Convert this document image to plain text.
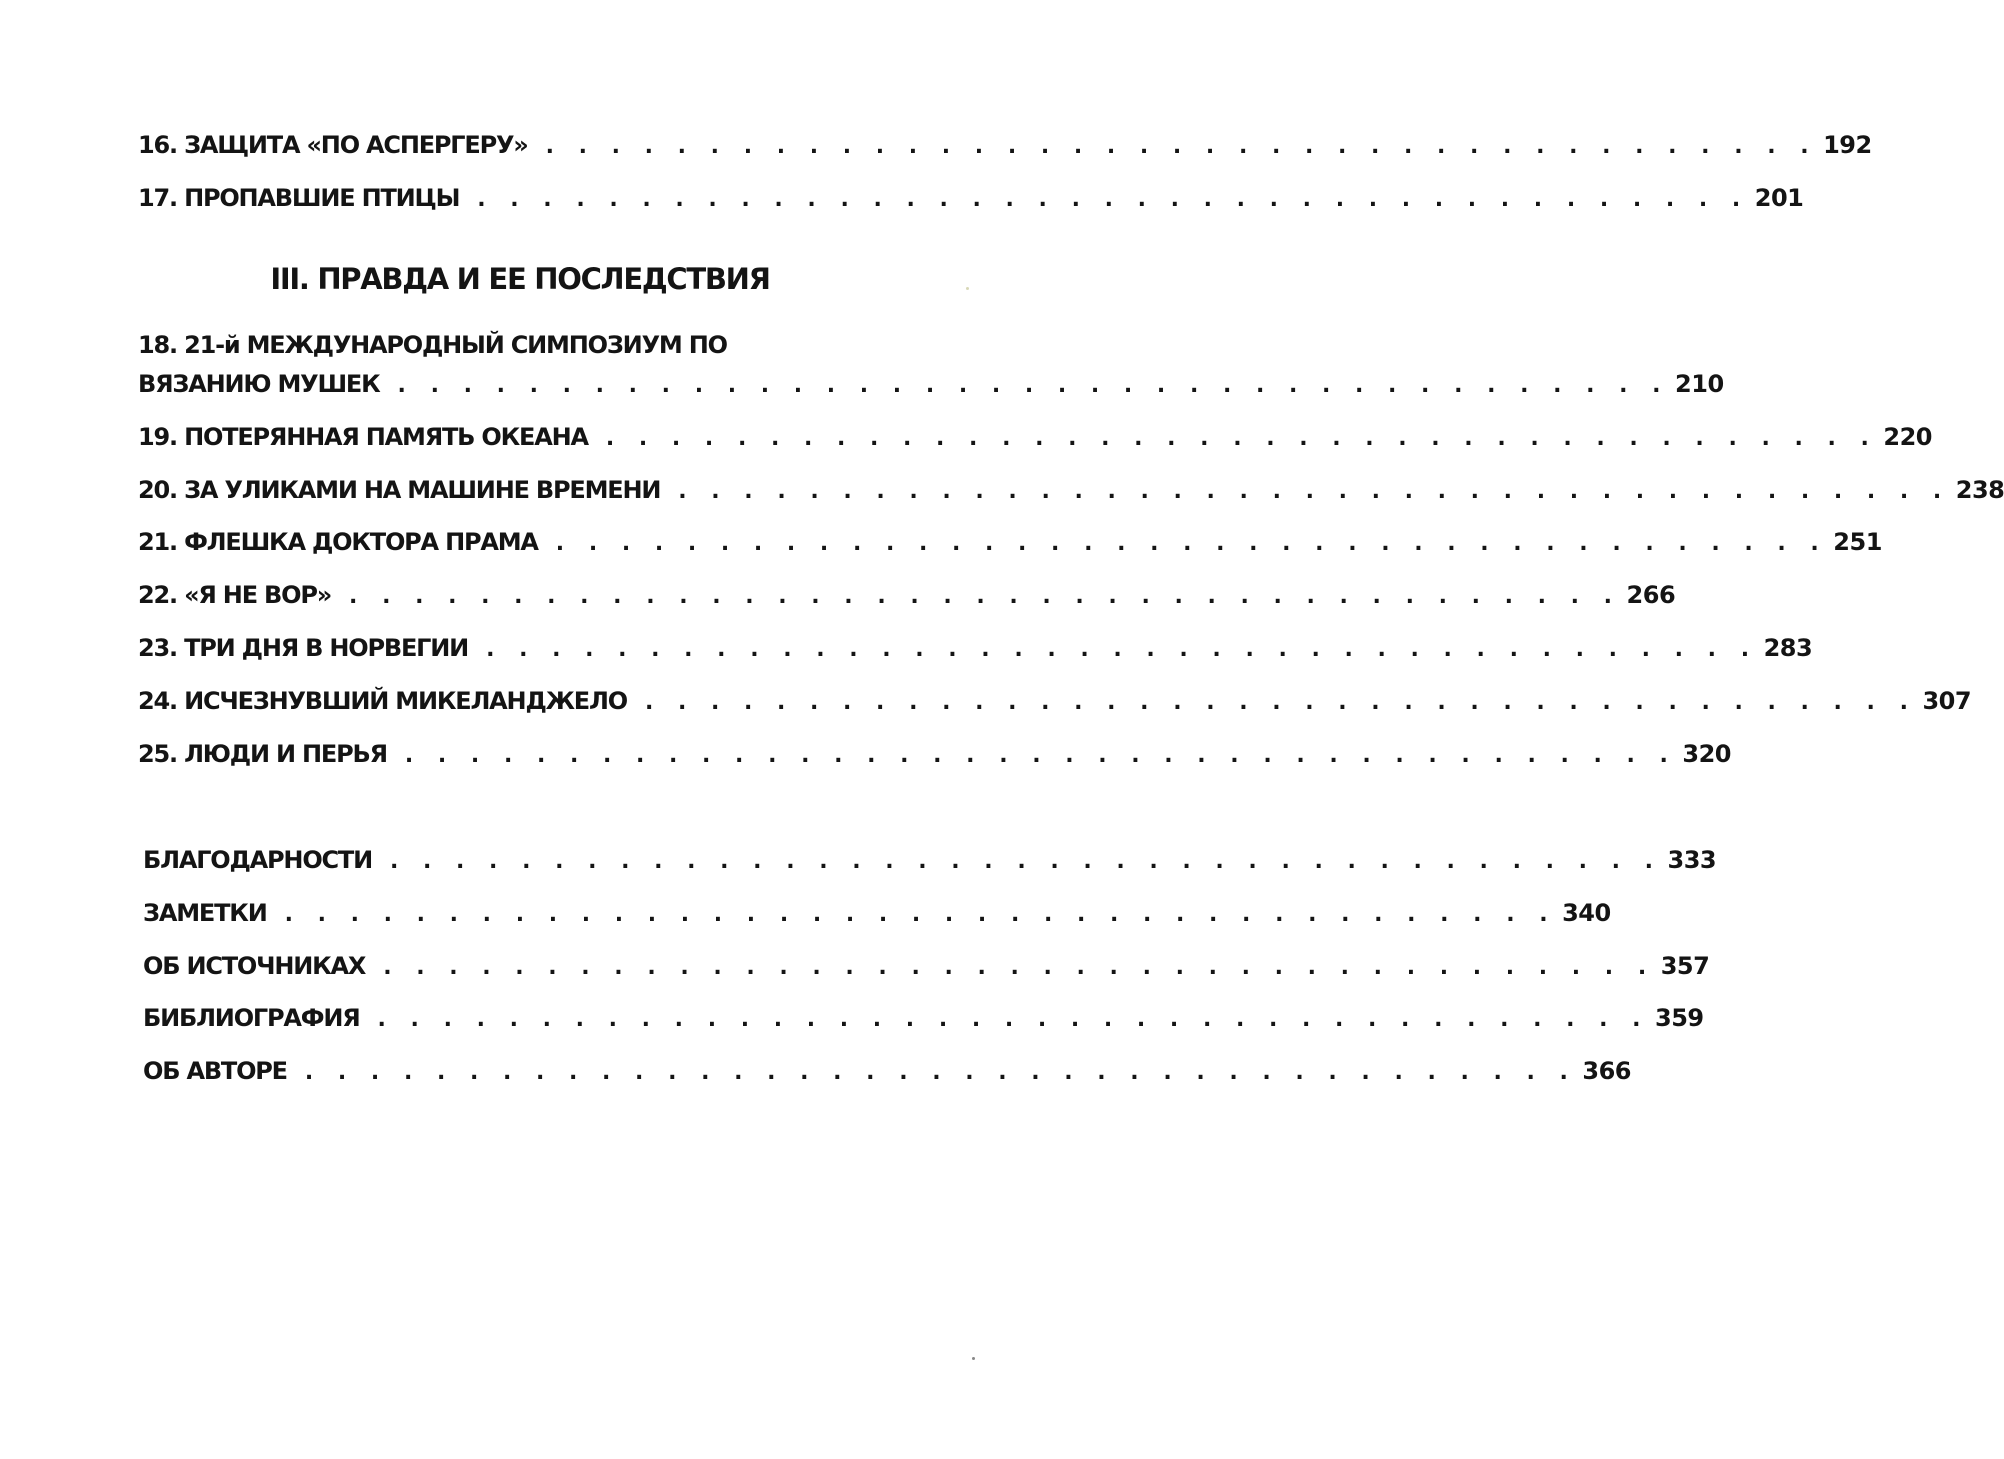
16. ЗАЩИТА «ПО АСПЕРГЕРУ» . . . . . . . . . . . . . . . . . . . . . . . . . . . . . . . . . . . . . . . 192
17. ПРОПАВШИЕ ПТИЦЫ . . . . . . . . . . . . . . . . . . . . . . . . . . . . . . . . . . . . . . . 201
III. ПРАВДА И ЕЕ ПОСЛЕДСТВИЯ
18. 21-й МЕЖДУНАРОДНЫЙ СИМПОЗИУМ ПО
ВЯЗАНИЮ МУШЕК . . . . . . . . . . . . . . . . . . . . . . . . . . . . . . . . . . . . . . . 210
19. ПОТЕРЯННАЯ ПАМЯТЬ ОКЕАНА . . . . . . . . . . . . . . . . . . . . . . . . . . . . . . . . . . . . . . . 220
20. ЗА УЛИКАМИ НА МАШИНЕ ВРЕМЕНИ . . . . . . . . . . . . . . . . . . . . . . . . . . . . . . . . . . . . . . . 238
21. ФЛЕШКА ДОКТОРА ПРАМА . . . . . . . . . . . . . . . . . . . . . . . . . . . . . . . . . . . . . . . 251
22. «Я НЕ ВОР» . . . . . . . . . . . . . . . . . . . . . . . . . . . . . . . . . . . . . . . 266
23. ТРИ ДНЯ В НОРВЕГИИ . . . . . . . . . . . . . . . . . . . . . . . . . . . . . . . . . . . . . . . 283
24. ИСЧЕЗНУВШИЙ МИКЕЛАНДЖЕЛО . . . . . . . . . . . . . . . . . . . . . . . . . . . . . . . . . . . . . . . 307
25. ЛЮДИ И ПЕРЬЯ . . . . . . . . . . . . . . . . . . . . . . . . . . . . . . . . . . . . . . . 320
БЛАГОДАРНОСТИ . . . . . . . . . . . . . . . . . . . . . . . . . . . . . . . . . . . . . . . 333
ЗАМЕТКИ . . . . . . . . . . . . . . . . . . . . . . . . . . . . . . . . . . . . . . . 340
ОБ ИСТОЧНИКАХ . . . . . . . . . . . . . . . . . . . . . . . . . . . . . . . . . . . . . . . 357
БИБЛИОГРАФИЯ . . . . . . . . . . . . . . . . . . . . . . . . . . . . . . . . . . . . . . . 359
ОБ АВТОРЕ . . . . . . . . . . . . . . . . . . . . . . . . . . . . . . . . . . . . . . . 366
